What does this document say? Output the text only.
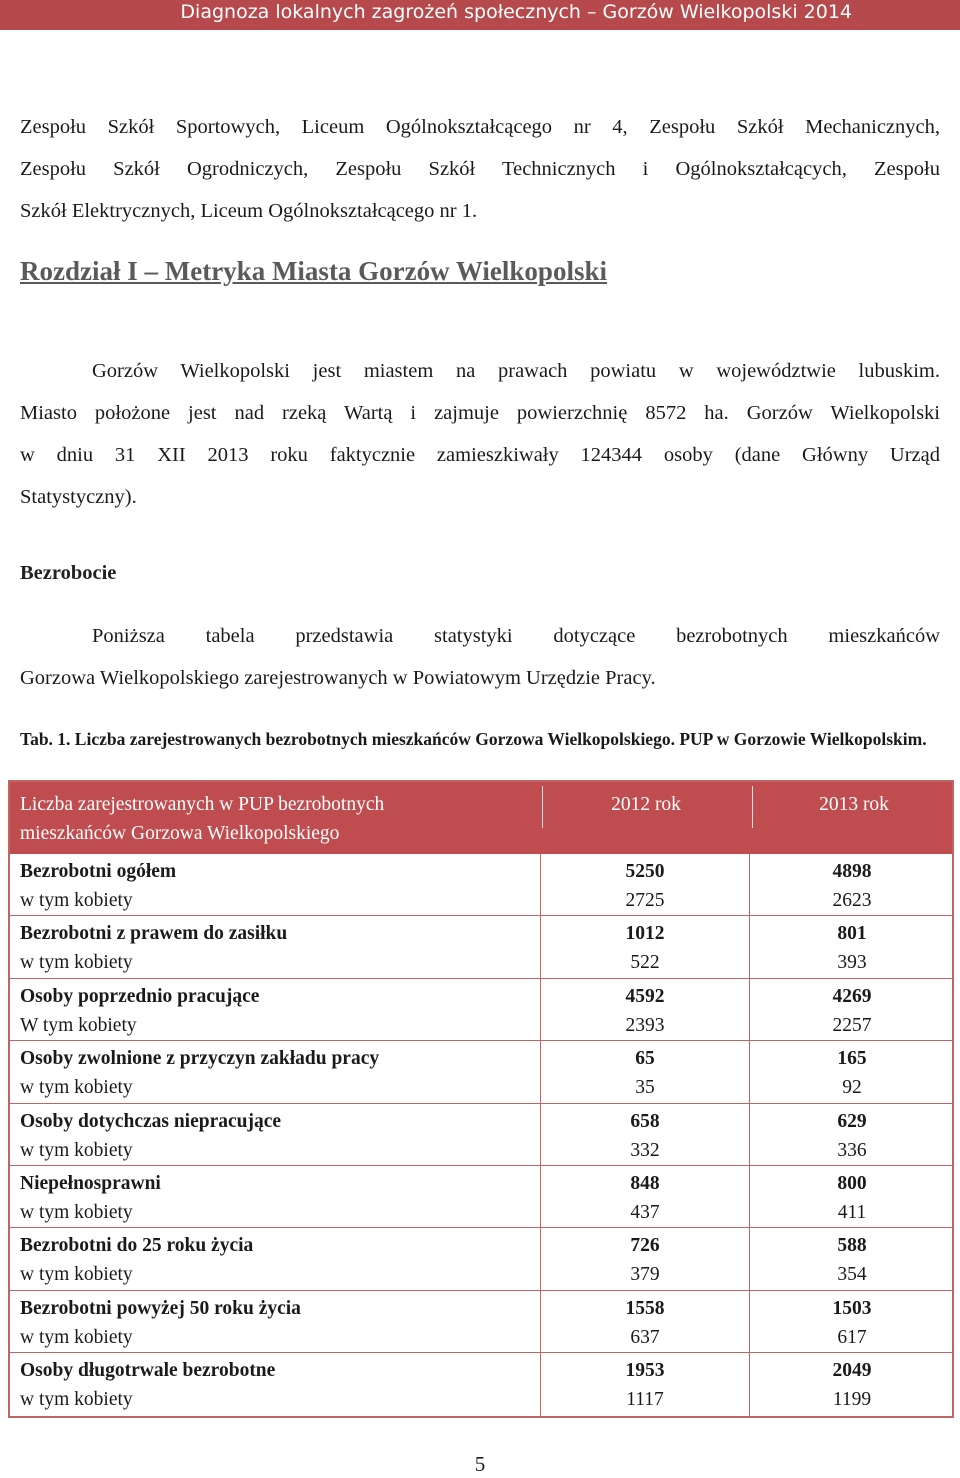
Diagnoza lokalnych zagrożeń społecznych – Gorzów Wielkopolski 2014
Zespołu Szkół Sportowych, Liceum Ogólnokształcącego nr 4, Zespołu Szkół Mechanicznych,
Zespołu Szkół Ogrodniczych, Zespołu Szkół Technicznych i Ogólnokształcących, Zespołu
Szkół Elektrycznych, Liceum Ogólnokształcącego nr 1.
Rozdział I – Metryka Miasta Gorzów Wielkopolski
Gorzów Wielkopolski jest miastem na prawach powiatu w województwie lubuskim.
Miasto położone jest nad rzeką Wartą i zajmuje powierzchnię 8572 ha. Gorzów Wielkopolski
w dniu 31 XII 2013 roku faktycznie zamieszkiwały 124344 osoby (dane Główny Urząd
Statystyczny).
Bezrobocie
Poniższa tabela przedstawia statystyki dotyczące bezrobotnych mieszkańców
Gorzowa Wielkopolskiego zarejestrowanych w Powiatowym Urzędzie Pracy.
Tab. 1. Liczba zarejestrowanych bezrobotnych mieszkańców Gorzowa Wielkopolskiego. PUP w Gorzowie Wielkopolskim.
Liczba zarejestrowanych w PUP bezrobotnych
mieszkańców Gorzowa Wielkopolskiego
2012 rok	2013 rok
Bezrobotni ogółem
w tym kobiety
5250
2725
4898
2623
Bezrobotni z prawem do zasiłku
w tym kobiety
1012
522
801
393
Osoby poprzednio pracujące
W tym kobiety
4592
2393
4269
2257
Osoby zwolnione z przyczyn zakładu pracy
w tym kobiety
65
35
165
92
Osoby dotychczas niepracujące
w tym kobiety
658
332
629
336
Niepełnosprawni
w tym kobiety
848
437
800
411
Bezrobotni do 25 roku życia
w tym kobiety
726
379
588
354
Bezrobotni powyżej 50 roku życia
w tym kobiety
1558
637
1503
617
Osoby długotrwale bezrobotne
w tym kobiety
1953
1117
2049
1199
5
